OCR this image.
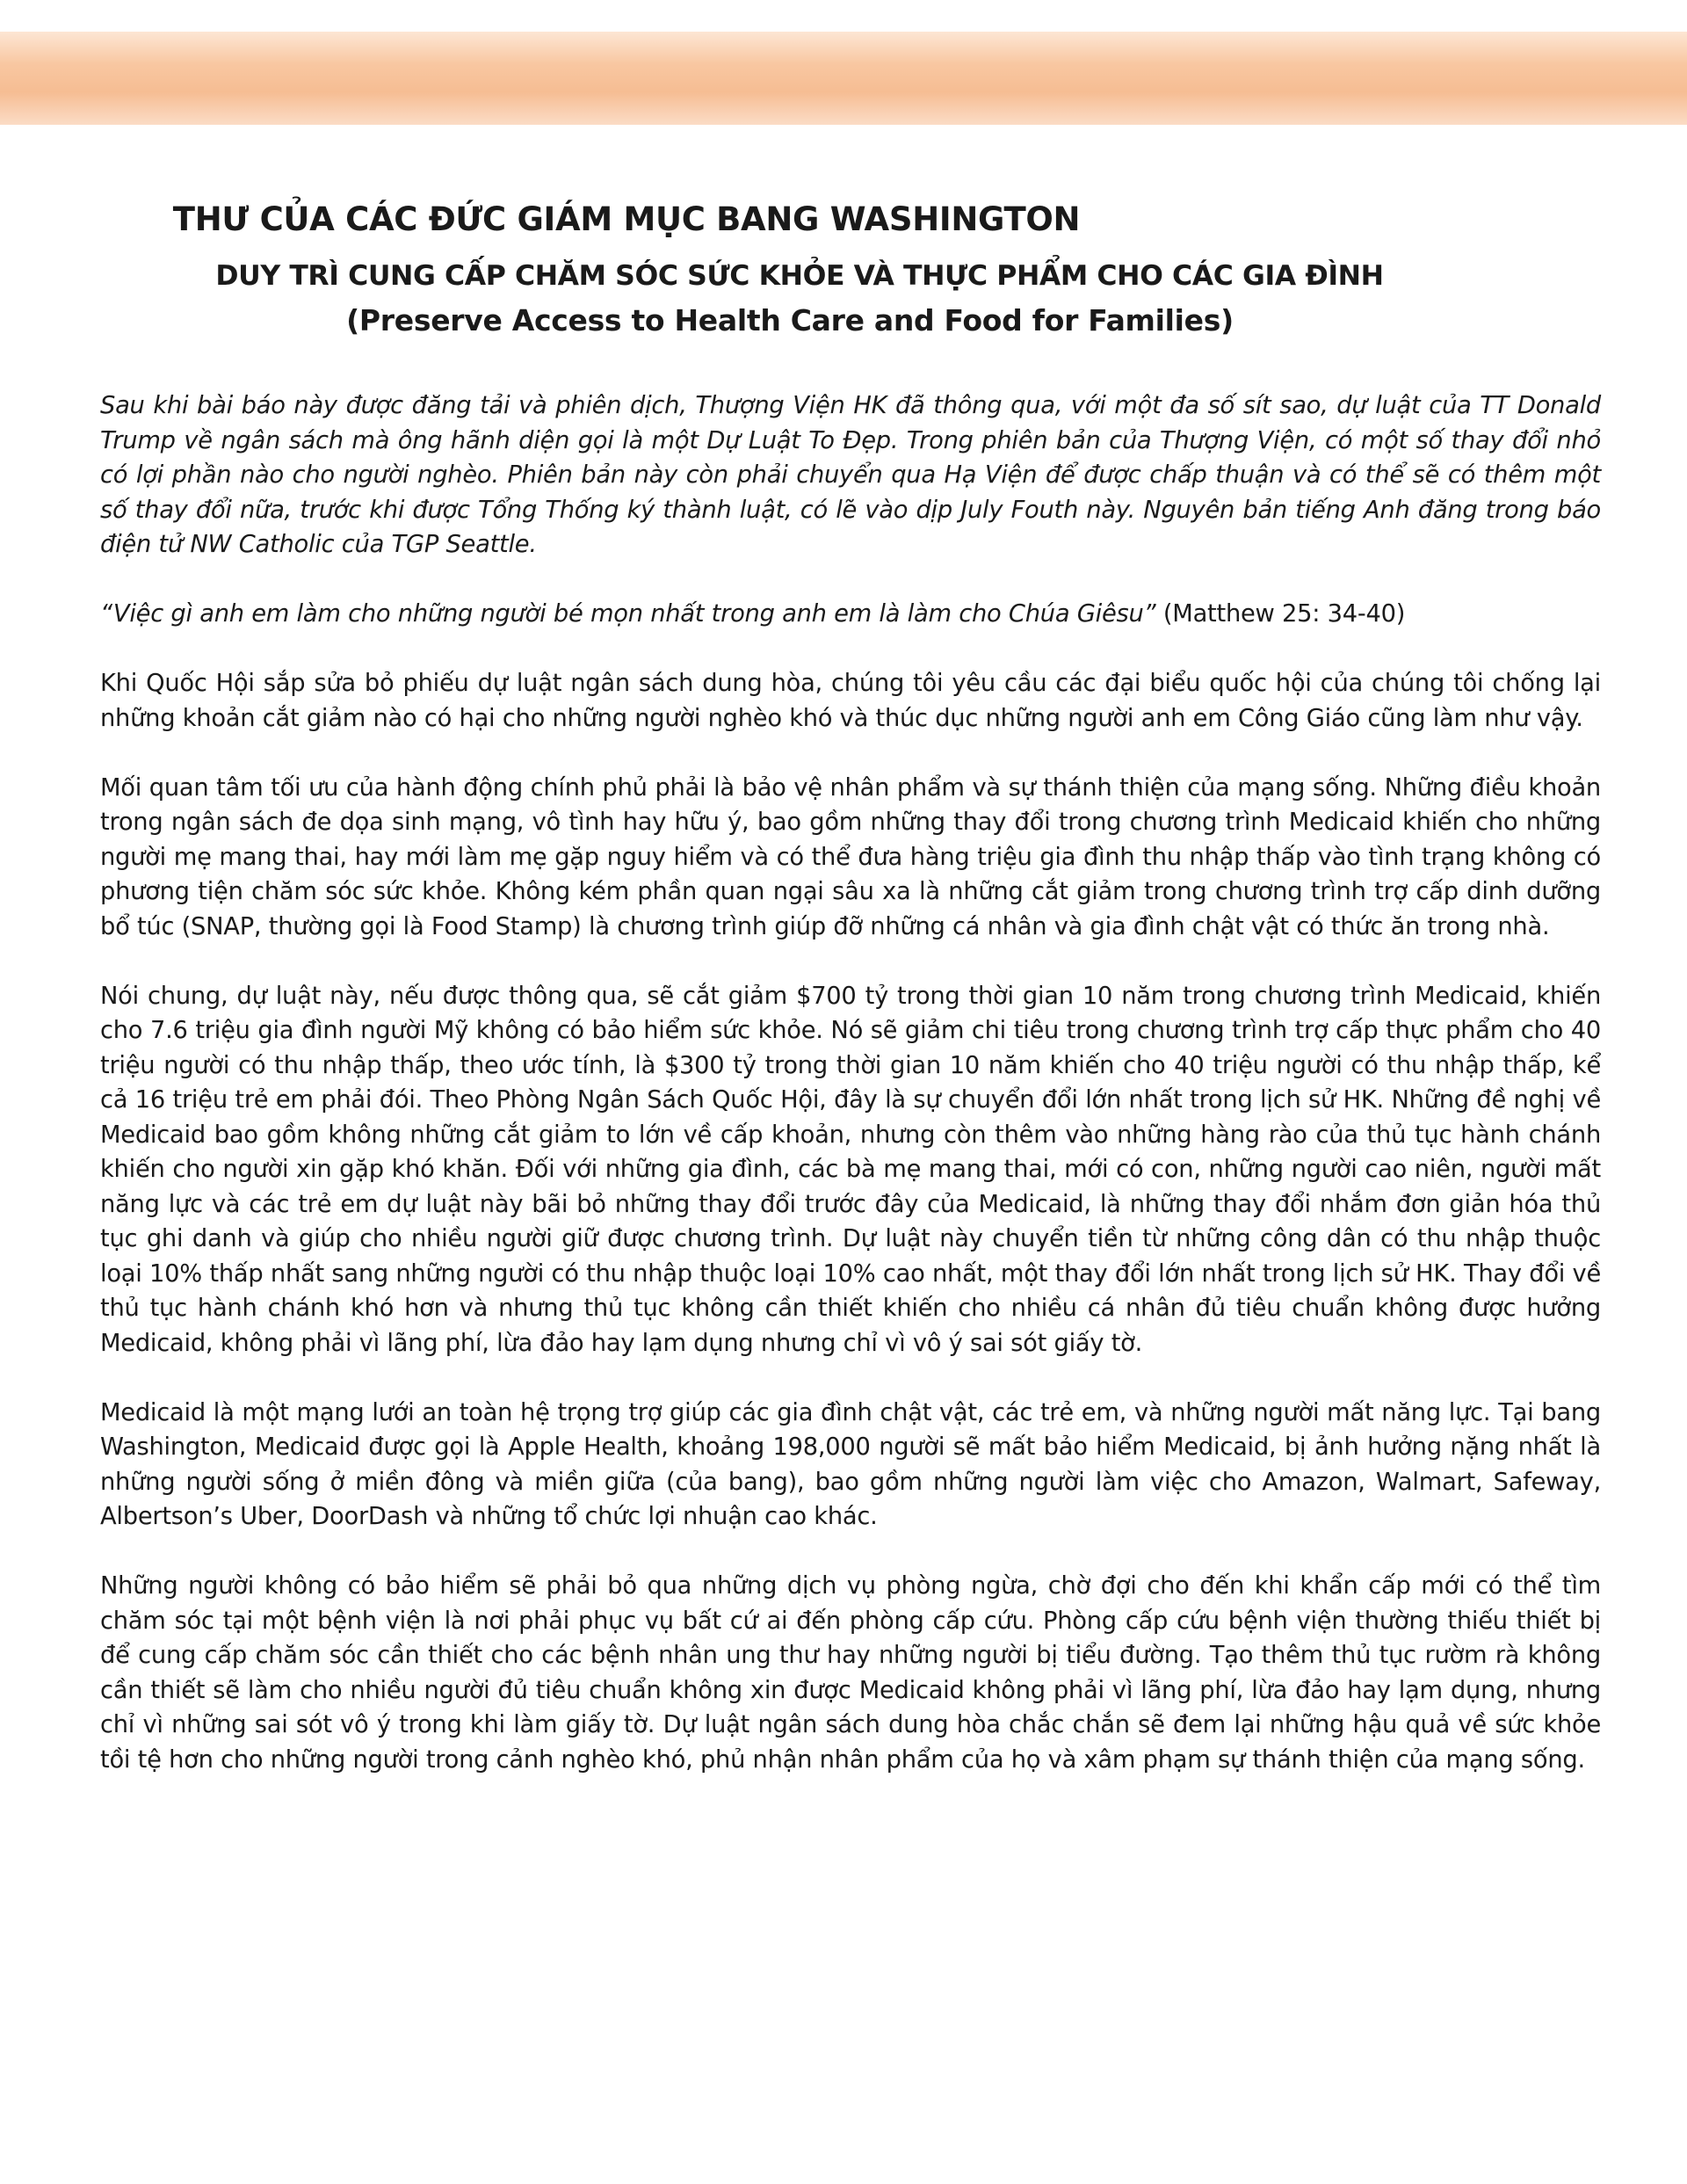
THƯ CỦA CÁC ĐỨC GIÁM MỤC BANG WASHINGTON
DUY TRÌ CUNG CẤP CHĂM SÓC SỨC KHỎE VÀ THỰC PHẨM CHO CÁC GIA ĐÌNH
(Preserve Access to Health Care and Food for Families)

Sau khi bài báo này được đăng tải và phiên dịch, Thượng Viện HK đã thông qua, với một đa số sít sao, dự luật của TT Donald Trump về ngân sách mà ông hãnh diện gọi là một Dự Luật To Đẹp. Trong phiên bản của Thượng Viện, có một số thay đổi nhỏ có lợi phần nào cho người nghèo. Phiên bản này còn phải chuyển qua Hạ Viện để được chấp thuận và có thể sẽ có thêm một số thay đổi nữa, trước khi được Tổng Thống ký thành luật, có lẽ vào dịp July Fouth này. Nguyên bản tiếng Anh đăng trong báo điện tử NW Catholic của TGP Seattle.

“Việc gì anh em làm cho những người bé mọn nhất trong anh em là làm cho Chúa Giêsu” (Matthew 25: 34-40)

Khi Quốc Hội sắp sửa bỏ phiếu dự luật ngân sách dung hòa, chúng tôi yêu cầu các đại biểu quốc hội của chúng tôi chống lại những khoản cắt giảm nào có hại cho những người nghèo khó và thúc dục những người anh em Công Giáo cũng làm như vậy.

Mối quan tâm tối ưu của hành động chính phủ phải là bảo vệ nhân phẩm và sự thánh thiện của mạng sống. Những điều khoản trong ngân sách đe dọa sinh mạng, vô tình hay hữu ý, bao gồm những thay đổi trong chương trình Medicaid khiến cho những người mẹ mang thai, hay mới làm mẹ gặp nguy hiểm và có thể đưa hàng triệu gia đình thu nhập thấp vào tình trạng không có phương tiện chăm sóc sức khỏe. Không kém phần quan ngại sâu xa là những cắt giảm trong chương trình trợ cấp dinh dưỡng bổ túc (SNAP, thường gọi là Food Stamp) là chương trình giúp đỡ những cá nhân và gia đình chật vật có thức ăn trong nhà.

Nói chung, dự luật này, nếu được thông qua, sẽ cắt giảm $700 tỷ trong thời gian 10 năm trong chương trình Medicaid, khiến cho 7.6 triệu gia đình người Mỹ không có bảo hiểm sức khỏe. Nó sẽ giảm chi tiêu trong chương trình trợ cấp thực phẩm cho 40 triệu người có thu nhập thấp, theo ước tính, là $300 tỷ trong thời gian 10 năm khiến cho 40 triệu người có thu nhập thấp, kể cả 16 triệu trẻ em phải đói. Theo Phòng Ngân Sách Quốc Hội, đây là sự chuyển đổi lớn nhất trong lịch sử HK. Những đề nghị về Medicaid bao gồm không những cắt giảm to lớn về cấp khoản, nhưng còn thêm vào những hàng rào của thủ tục hành chánh khiến cho người xin gặp khó khăn. Đối với những gia đình, các bà mẹ mang thai, mới có con, những người cao niên, người mất năng lực và các trẻ em dự luật này bãi bỏ những thay đổi trước đây của Medicaid, là những thay đổi nhắm đơn giản hóa thủ tục ghi danh và giúp cho nhiều người giữ được chương trình. Dự luật này chuyển tiền từ những công dân có thu nhập thuộc loại 10% thấp nhất sang những người có thu nhập thuộc loại 10% cao nhất, một thay đổi lớn nhất trong lịch sử HK. Thay đổi về thủ tục hành chánh khó hơn và nhưng thủ tục không cần thiết khiến cho nhiều cá nhân đủ tiêu chuẩn không được hưởng Medicaid, không phải vì lãng phí, lừa đảo hay lạm dụng nhưng chỉ vì vô ý sai sót giấy tờ.

Medicaid là một mạng lưới an toàn hệ trọng trợ giúp các gia đình chật vật, các trẻ em, và những người mất năng lực. Tại bang Washington, Medicaid được gọi là Apple Health, khoảng 198,000 người sẽ mất bảo hiểm Medicaid, bị ảnh hưởng nặng nhất là những người sống ở miền đông và miền giữa (của bang), bao gồm những người làm việc cho Amazon, Walmart, Safeway, Albertson’s Uber, DoorDash và những tổ chức lợi nhuận cao khác.

Những người không có bảo hiểm sẽ phải bỏ qua những dịch vụ phòng ngừa, chờ đợi cho đến khi khẩn cấp mới có thể tìm chăm sóc tại một bệnh viện là nơi phải phục vụ bất cứ ai đến phòng cấp cứu. Phòng cấp cứu bệnh viện thường thiếu thiết bị để cung cấp chăm sóc cần thiết cho các bệnh nhân ung thư hay những người bị tiểu đường. Tạo thêm thủ tục rườm rà không cần thiết sẽ làm cho nhiều người đủ tiêu chuẩn không xin được Medicaid không phải vì lãng phí, lừa đảo hay lạm dụng, nhưng chỉ vì những sai sót vô ý trong khi làm giấy tờ. Dự luật ngân sách dung hòa chắc chắn sẽ đem lại những hậu quả về sức khỏe tồi tệ hơn cho những người trong cảnh nghèo khó, phủ nhận nhân phẩm của họ và xâm phạm sự thánh thiện của mạng sống.
